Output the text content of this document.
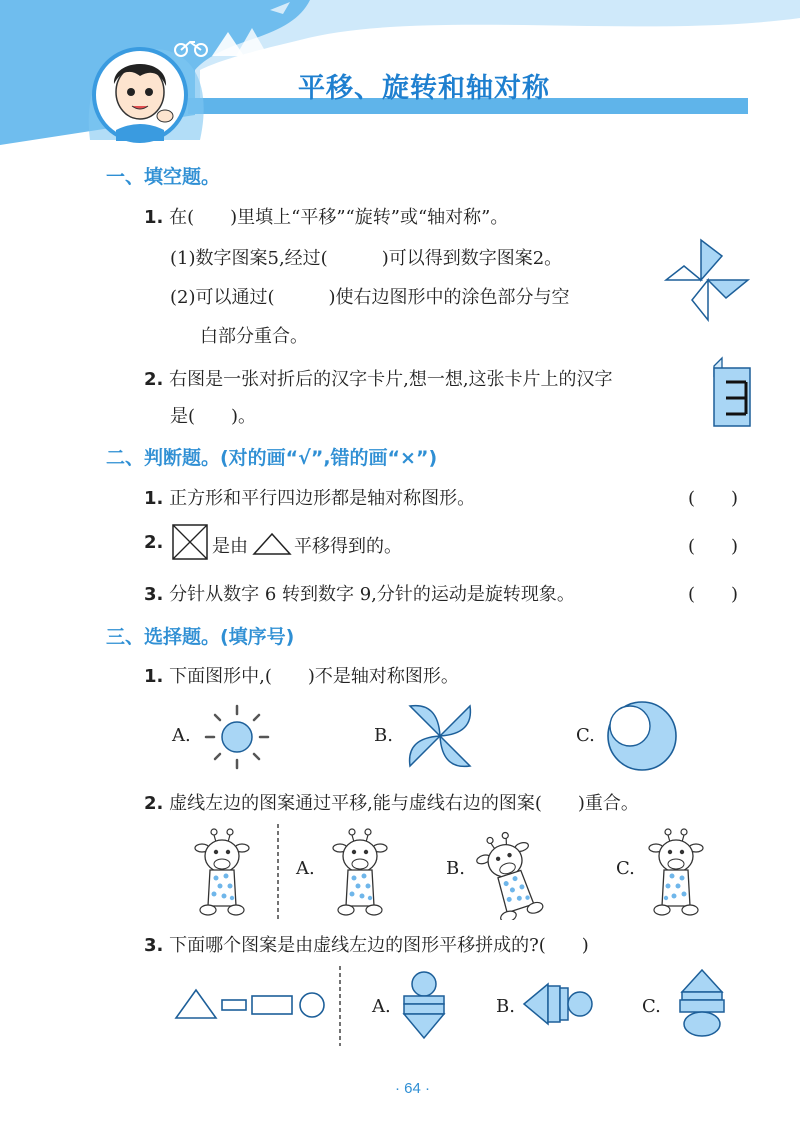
平移、旋转和轴对称
一、填空题。
1. 在(　　)里填上“平移”“旋转”或“轴对称”。
(1)数字图案5,经过(　　　)可以得到数字图案2。
(2)可以通过(　　　)使右边图形中的涂色部分与空
白部分重合。
2. 右图是一张对折后的汉字卡片,想一想,这张卡片上的汉字
是(　　)。
二、判断题。(对的画“√”,错的画“×”)
1. 正方形和平行四边形都是轴对称图形。	(　　)
2.	是由	平移得到的。	(　　)
3. 分针从数字 6 转到数字 9,分针的运动是旋转现象。	(　　)
三、选择题。(填序号)
1. 下面图形中,(　　)不是轴对称图形。
A.	B.	C.
2. 虚线左边的图案通过平移,能与虚线右边的图案(　　)重合。
A.	B.	C.
3. 下面哪个图案是由虚线左边的图形平移拼成的?(　　)
A.	B.	C.
· 64 ·
